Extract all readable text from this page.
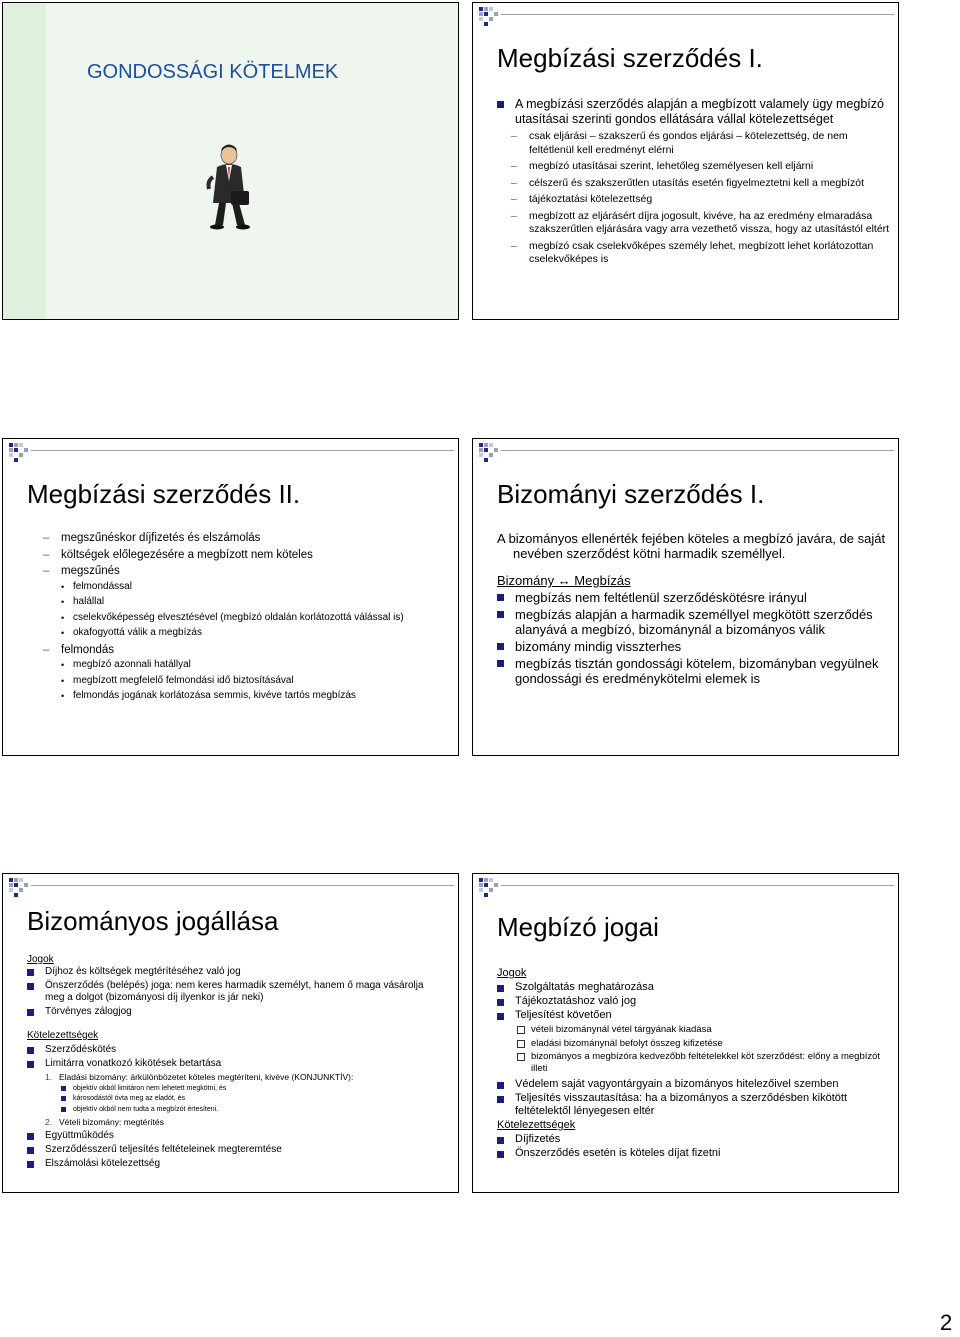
GONDOSSÁGI KÖTELMEK	Megbízási szerződés I.
A megbízási szerződés alapján a megbízott valamely ügy megbízó utasításai szerinti gondos ellátására vállal kötelezettséget
– csak eljárási – szakszerű és gondos eljárási – kötelezettség, de nem feltétlenül kell eredményt elérni
– megbízó utasításai szerint, lehetőleg személyesen kell eljárni
– célszerű és szakszerűtlen utasítás esetén figyelmeztetni kell a megbízót
– tájékoztatási kötelezettség
– megbízott az eljárásért díjra jogosult, kivéve, ha az eredmény elmaradása szakszerűtlen eljárására vagy arra vezethető vissza, hogy az utasítástól eltért
– megbízó csak cselekvőképes személy lehet, megbízott lehet korlátozottan cselekvőképes is
Megbízási szerződés II.
– megszűnéskor díjfizetés és elszámolás
– költségek előlegezésére a megbízott nem köteles
– megszűnés
• felmondással
• halállal
• cselekvőképesség elvesztésével (megbízó oldalán korlátozottá válással is)
• okafogyottá válik a megbízás
– felmondás
• megbízó azonnali hatállyal
• megbízott megfelelő felmondási idő biztosításával
• felmondás jogának korlátozása semmis, kivéve tartós megbízás
Bizományi szerződés I.
A bizományos ellenérték fejében köteles a megbízó javára, de saját nevében szerződést kötni harmadik személlyel.
Bizomány ↔ Megbízás
megbízás nem feltétlenül szerződéskötésre irányul
megbízás alapján a harmadik személlyel megkötött szerződés alanyává a megbízó, bizománynál a bizományos válik
bizomány mindig visszterhes
megbízás tisztán gondossági kötelem, bizományban vegyülnek gondossági és eredménykötelmi elemek is
Bizományos jogállása
Jogok
Díjhoz és költségek megtérítéséhez való jog
Önszerződés (belépés) joga: nem keres harmadik személyt, hanem ő maga vásárolja meg a dolgot (bizományosi díj ilyenkor is jár neki)
Törvényes zálogjog
Kötelezettségek
Szerződéskötés
Limitárra vonatkozó kikötések betartása
1. Eladási bizomány: árkülönbözetet köteles megtéríteni, kivéve (KONJUNKTÍV):
objektív okból limitáron nem lehetett megkötni, és
károsodástól óvta meg az eladót, és
objektív okból nem tudta a megbízót értesíteni.
2. Vételi bizomány: megtérítés
Együttműködés
Szerződésszerű teljesítés feltételeinek megteremtése
Elszámolási kötelezettség
Megbízó jogai
Jogok
Szolgáltatás meghatározása
Tájékoztatáshoz való jog
Teljesítést követően
vételi bizománynál vétel tárgyának kiadása
eladási bizománynál befolyt összeg kifizetése
bizományos a megbízóra kedvezőbb feltételekkel köt szerződést: előny a megbízót illeti
Védelem saját vagyontárgyain a bizományos hitelezőivel szemben
Teljesítés visszautasítása: ha a bizományos a szerződésben kikötött feltételektől lényegesen eltér
Kötelezettségek
Díjfizetés
Önszerződés esetén is köteles díjat fizetni
2
